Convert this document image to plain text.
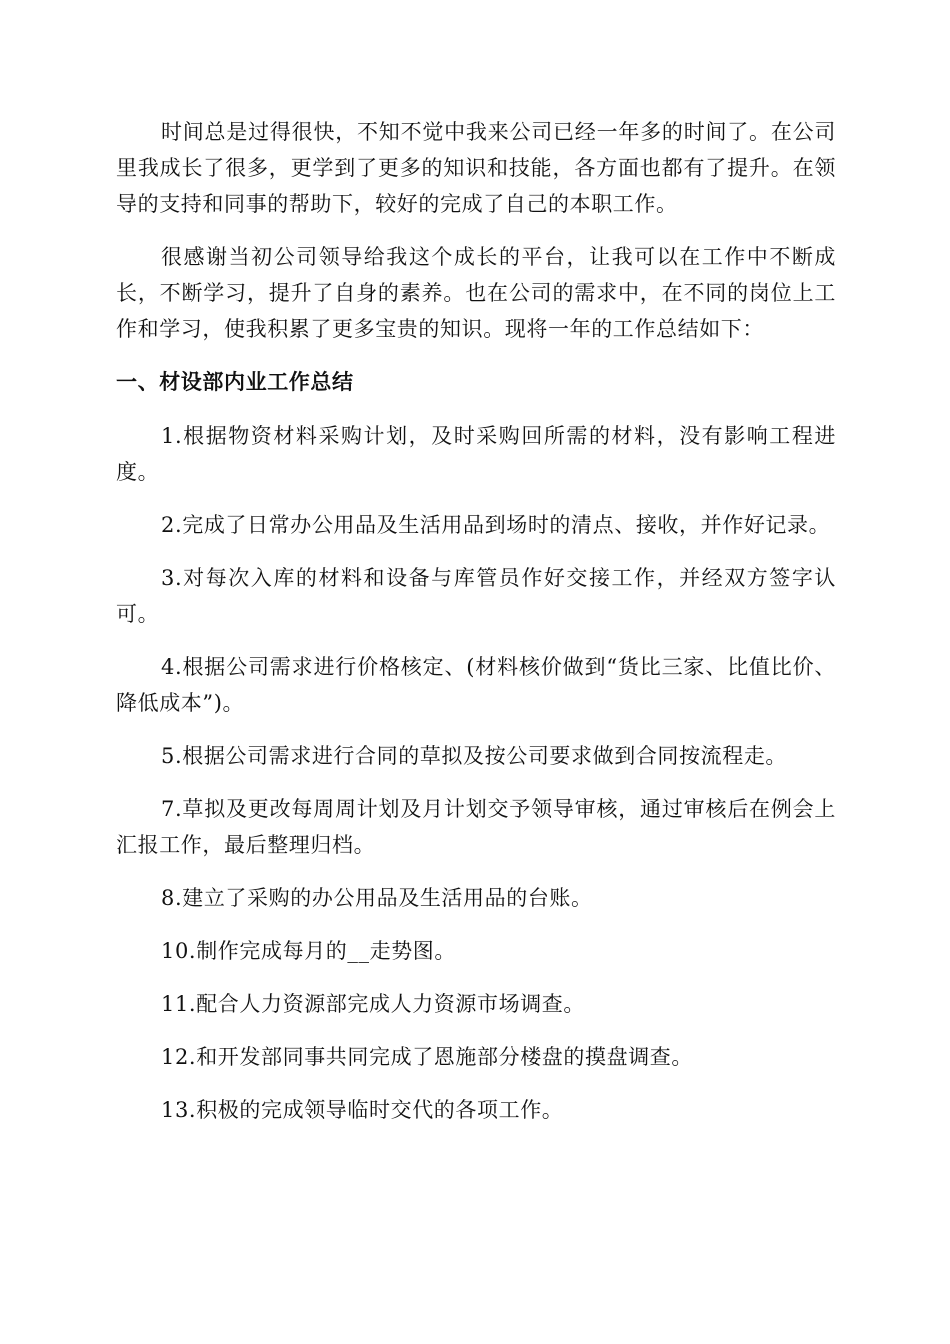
时间总是过得很快，不知不觉中我来公司已经一年多的时间了。在公司里我成长了很多，更学到了更多的知识和技能，各方面也都有了提升。在领导的支持和同事的帮助下，较好的完成了自己的本职工作。

很感谢当初公司领导给我这个成长的平台，让我可以在工作中不断成长，不断学习，提升了自身的素养。也在公司的需求中，在不同的岗位上工作和学习，使我积累了更多宝贵的知识。现将一年的工作总结如下：

一、材设部内业工作总结

1.根据物资材料采购计划，及时采购回所需的材料，没有影响工程进度。

2.完成了日常办公用品及生活用品到场时的清点、接收，并作好记录。

3.对每次入库的材料和设备与库管员作好交接工作，并经双方签字认可。

4.根据公司需求进行价格核定、(材料核价做到“货比三家、比值比价、降低成本”)。

5.根据公司需求进行合同的草拟及按公司要求做到合同按流程走。

7.草拟及更改每周周计划及月计划交予领导审核，通过审核后在例会上汇报工作，最后整理归档。

8.建立了采购的办公用品及生活用品的台账。

10.制作完成每月的__走势图。

11.配合人力资源部完成人力资源市场调查。

12.和开发部同事共同完成了恩施部分楼盘的摸盘调查。

13.积极的完成领导临时交代的各项工作。
